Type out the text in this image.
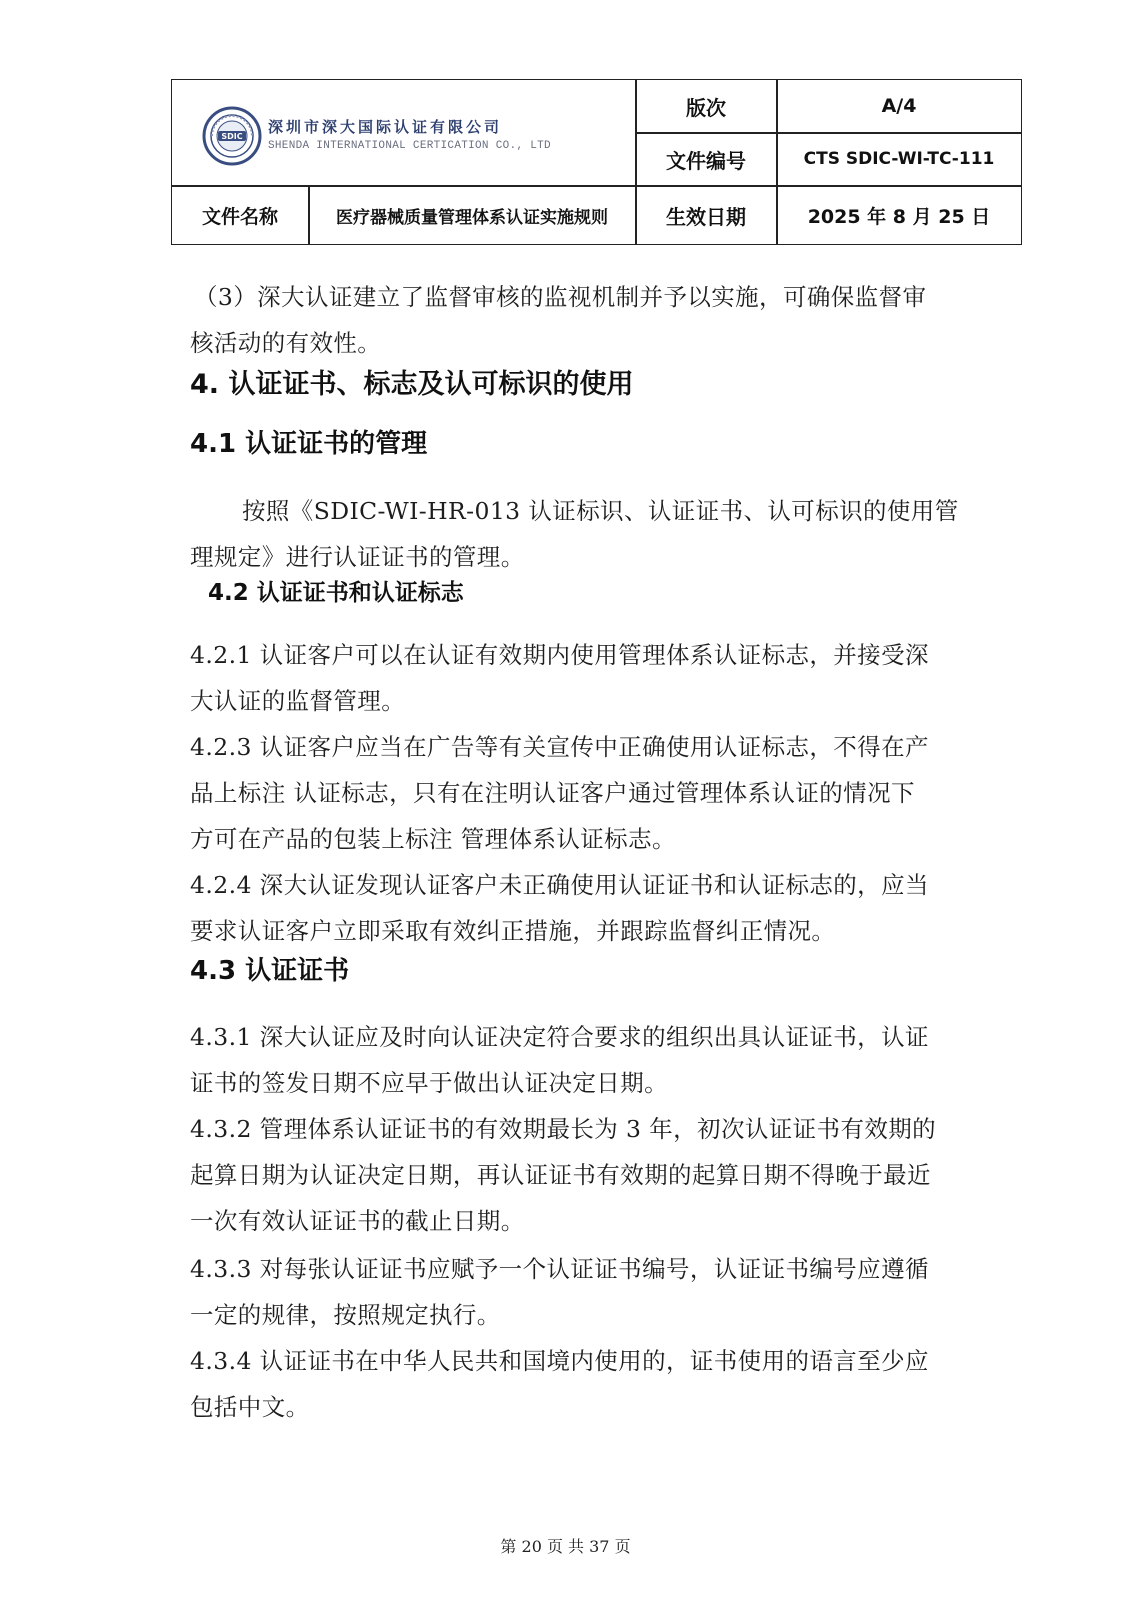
SDIC
深圳市深大国际认证有限公司
SHENDA INTERNATIONAL CERTICATION CO., LTD
版次	A/4
文件编号	CTS SDIC-WI-TC-111
文件名称	医疗器械质量管理体系认证实施规则	生效日期	2025 年 8 月 25 日
（3）深大认证建立了监督审核的监视机制并予以实施，可确保监督审
核活动的有效性。
4. 认证证书、标志及认可标识的使用
4.1 认证证书的管理
按照《SDIC-WI-HR-013 认证标识、认证证书、认可标识的使用管
理规定》进行认证证书的管理。
4.2 认证证书和认证标志
4.2.1 认证客户可以在认证有效期内使用管理体系认证标志，并接受深
大认证的监督管理。
4.2.3 认证客户应当在广告等有关宣传中正确使用认证标志，不得在产
品上标注 认证标志，只有在注明认证客户通过管理体系认证的情况下
方可在产品的包装上标注 管理体系认证标志。
4.2.4 深大认证发现认证客户未正确使用认证证书和认证标志的，应当
要求认证客户立即采取有效纠正措施，并跟踪监督纠正情况。
4.3 认证证书
4.3.1 深大认证应及时向认证决定符合要求的组织出具认证证书，认证
证书的签发日期不应早于做出认证决定日期。
4.3.2 管理体系认证证书的有效期最长为 3 年，初次认证证书有效期的
起算日期为认证决定日期，再认证证书有效期的起算日期不得晚于最近
一次有效认证证书的截止日期。
4.3.3 对每张认证证书应赋予一个认证证书编号，认证证书编号应遵循
一定的规律，按照规定执行。
4.3.4 认证证书在中华人民共和国境内使用的，证书使用的语言至少应
包括中文。
第 20 页 共 37 页
